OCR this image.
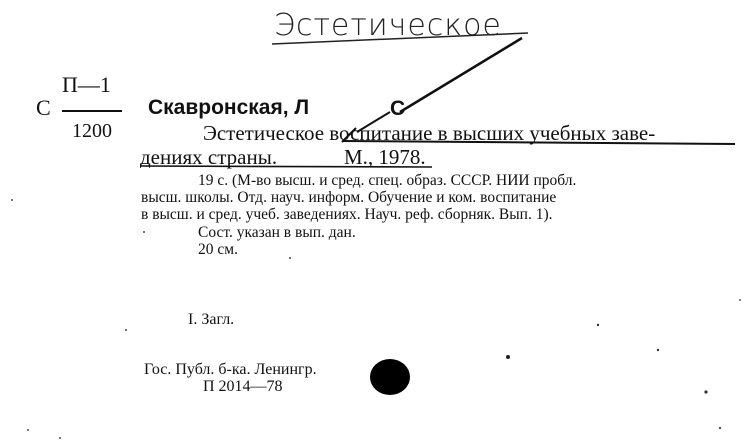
Эстетическое
П—1
С
1200
Скавронская, Л	С
Эстетическое воспитание в высших учебных заве-
дениях страны.	М., 1978.
19 с. (М-во высш. и сред. спец. образ. СССР. НИИ пробл.
высш. школы. Отд. науч. информ. Обучение и ком. воспитание
в высш. и сред. учеб. заведениях. Науч. реф. сборняк. Вып. 1).
Сост. указан в вып. дан.
20 см.
I. Загл.
Гос. Публ. б-ка. Ленингр.
П 2014—78
